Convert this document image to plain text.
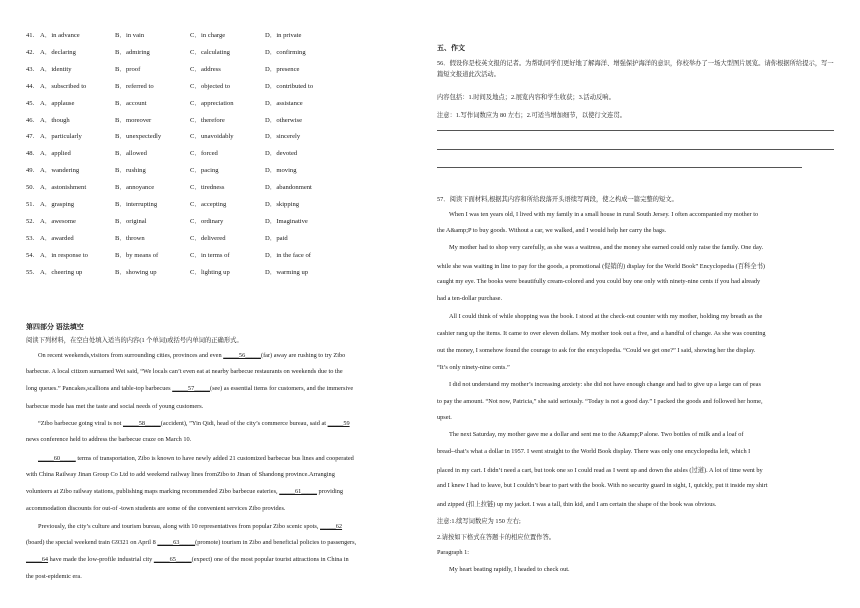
41. A．in advance	B．in vain	C．in charge	D．in private
42. A．declaring	B．admiring	C．calculating	D．confirming
43. A．identity	B．proof	C．address	D．presence
44. A．subscribed to	B．referred to	C．objected to	D．contributed to
45. A．applause	B．account	C．appreciation	D．assistance
46. A．though	B．moreover	C．therefore	D．otherwise
47. A．particularly	B．unexpectedly	C．unavoidably	D．sincerely
48. A．applied	B．allowed	C．forced	D．devoted
49. A．wandering	B．rushing	C．pacing	D．moving
50. A．astonishment	B．annoyance	C．tiredness	D．abandonment
51. A．grasping	B．interrupting	C．accepting	D．skipping
52. A．awesome	B．original	C．ordinary	D．Imaginative
53. A．awarded	B．thrown	C．delivered	D．paid
54. A．in response to	B．by means of	C．in terms of	D．in the face of
55. A．cheering up	B．showing up	C．lighting up	D．warming up
第四部分 语法填空
阅读下列材料，在空白处填入适当的内容(1 个单词)或括号内单词的正确形式。
On recent weekends,visitors from surrounding cities, provinces and even _____56_____(far) away are rushing to try Zibo
barbecue. A local citizen surnamed Wei said, “We locals can’t even eat at nearby barbecue restaurants on weekends due to the
long queues.” Pancakes,scallions and table-top barbecues _____57_____(see) as essential items for customers, and the immersive
barbecue mode has met the taste and social needs of young customers.
“Zibo barbecue going viral is not _____58_____(accident), ”Yin Qidi, head of the city’s commerce bureau, said at _____59
news conference held to address the barbecue craze on March 10.
_____60_____ terms of transportation, Zibo is known to have newly added 21 customized barbecue bus lines and cooperated
with China Railway Jinan Group Co Ltd to add weekend railway lines fromZibo to Jinan of Shandong province.Arranging
volunteers at Zibo railway stations, publishing maps marking recommended Zibo barbecue eateries, _____61_____ providing
accommodation discounts for out-of -town students are some of the convenient services Zibo provides.
Previously, the city’s culture and tourism bureau, along with 10 representatives from popular Zibo scenic spots, _____62
(board) the special weekend train G9321 on April 8 _____63_____(promote) tourism in Zibo and beneficial policies to passengers,
_____64 have made the low-profile industrial city _____65_____(expect) one of the most popular tourist attractions in China in
the post-epidemic era.
五、作文
56．假设你是校英文报的记者。为帮助同学们更好地了解海洋、增强保护海洋的意识，你校举办了一场大型图片展览。请你根据所给提示，写一篇短文报道此次活动。
内容包括：1.时间及地点；2.展览内容和学生收获；3.活动反响。
注意：1.写作词数应为 80 左右；2.可适当增加细节，以使行文连贯。
57．阅读下面材料,根据其内容和所给段落开头语续写两段，使之构成一篇完整的短文。
When I was ten years old, I lived with my family in a small house in rural South Jersey. I often accompanied my mother to
the A&amp;P to buy goods. Without a car, we walked, and I would help her carry the bags.
My mother had to shop very carefully, as she was a waitress, and the money she earned could only raise the family. One day.
while she was waiting in line to pay for the goods, a promotional (促销的) display for the World Book” Encyclopedia (百科全书)
caught my eye. The books were beautifully cream-colored and you could buy one only with ninety-nine cents if you had already
had a ten-dollar purchase.
All I could think of while shopping was the book. I stood at the check-out counter with my mother, holding my breath as the
cashier rang up the items. It came to over eleven dollars. My mother took out a five, and a handful of change. As she was counting
out the money, I somehow found the courage to ask for the encyclopedia. “Could we get one?” I said, showing her the display.
“It’s only ninety-nine cents.”
I did not understand my mother’s increasing anxiety: she did not have enough change and had to give up a large can of peas
to pay the amount. “Not now, Patricia,” she said seriously. “Today is not a good day.” I packed the goods and followed her home,
upset.
The next Saturday, my mother gave me a dollar and sent me to the A&amp;P alone. Two bottles of milk and a loaf of
bread--that’s what a dollar in 1957. I went straight to the World Book display. There was only one encyclopedia left, which I
placed in my cart. I didn’t need a cart, but took one so I could read as I went up and down the aisles (过道). A lot of time went by
and I knew I had to leave, but I couldn’t bear to part with the book. With no security guard in sight, I, quickly, put it inside my shirt
and zipped (扣上拉链) up my jacket. I was a tall, thin kid, and I am certain the shape of the book was obvious.
注意:1.续写词数应为 150 左右;
2.请按如下格式在答题卡的相应位置作答。
Paragraph 1:
My heart beating rapidly, I headed to check out.
